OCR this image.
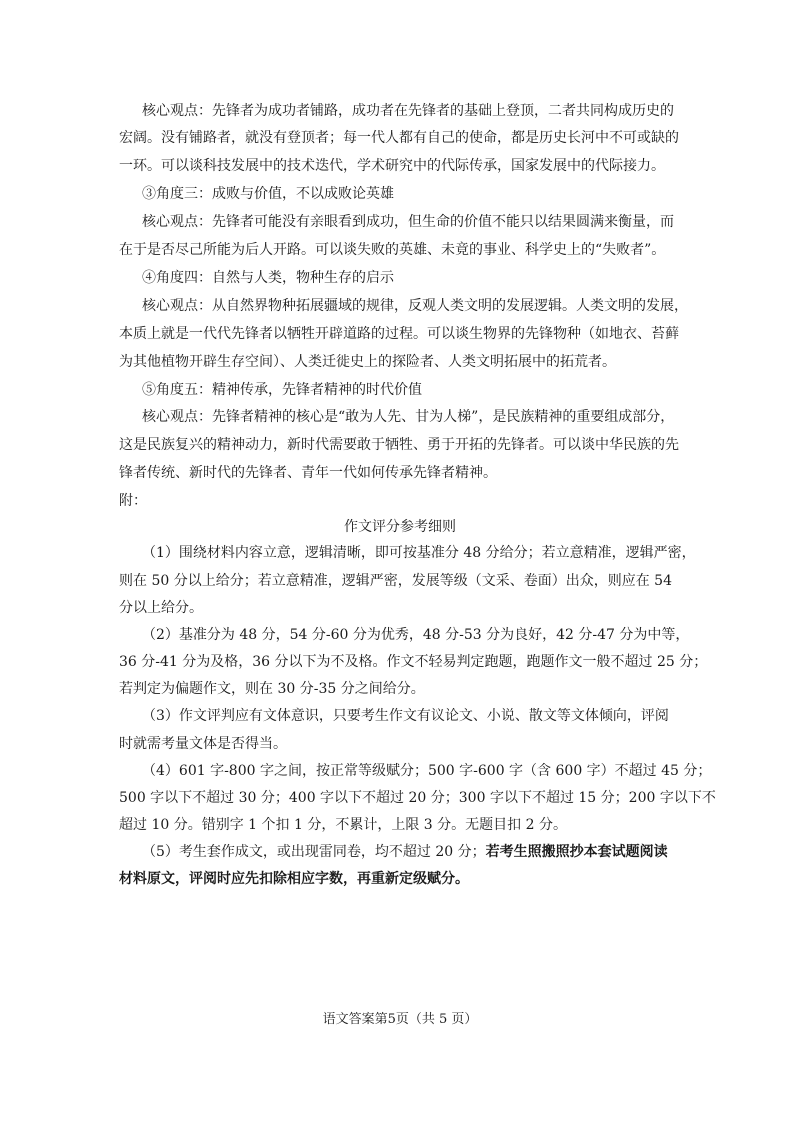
核心观点：先锋者为成功者铺路，成功者在先锋者的基础上登顶，二者共同构成历史的
宏阔。没有铺路者，就没有登顶者；每一代人都有自己的使命，都是历史长河中不可或缺的
一环。可以谈科技发展中的技术迭代，学术研究中的代际传承，国家发展中的代际接力。
③角度三：成败与价值，不以成败论英雄
核心观点：先锋者可能没有亲眼看到成功，但生命的价值不能只以结果圆满来衡量，而
在于是否尽己所能为后人开路。可以谈失败的英雄、未竟的事业、科学史上的“失败者”。
④角度四：自然与人类，物种生存的启示
核心观点：从自然界物种拓展疆域的规律，反观人类文明的发展逻辑。人类文明的发展，
本质上就是一代代先锋者以牺牲开辟道路的过程。可以谈生物界的先锋物种（如地衣、苔藓
为其他植物开辟生存空间）、人类迁徙史上的探险者、人类文明拓展中的拓荒者。
⑤角度五：精神传承，先锋者精神的时代价值
核心观点：先锋者精神的核心是“敢为人先、甘为人梯”，是民族精神的重要组成部分，
这是民族复兴的精神动力，新时代需要敢于牺牲、勇于开拓的先锋者。可以谈中华民族的先
锋者传统、新时代的先锋者、青年一代如何传承先锋者精神。
附：
作文评分参考细则
（1）围绕材料内容立意，逻辑清晰，即可按基准分 48 分给分；若立意精准，逻辑严密，
则在 50 分以上给分；若立意精准，逻辑严密，发展等级（文采、卷面）出众，则应在 54
分以上给分。
（2）基准分为 48 分，54 分-60 分为优秀，48 分-53 分为良好，42 分-47 分为中等，
36 分-41 分为及格，36 分以下为不及格。作文不轻易判定跑题，跑题作文一般不超过 25 分；
若判定为偏题作文，则在 30 分-35 分之间给分。
（3）作文评判应有文体意识，只要考生作文有议论文、小说、散文等文体倾向，评阅
时就需考量文体是否得当。
（4）601 字-800 字之间，按正常等级赋分；500 字-600 字（含 600 字）不超过 45 分；
500 字以下不超过 30 分；400 字以下不超过 20 分；300 字以下不超过 15 分；200 字以下不
超过 10 分。错别字 1 个扣 1 分，不累计，上限 3 分。无题目扣 2 分。
（5）考生套作成文，或出现雷同卷，均不超过 20 分；若考生照搬照抄本套试题阅读
材料原文，评阅时应先扣除相应字数，再重新定级赋分。
语文答案第5页（共 5 页）
